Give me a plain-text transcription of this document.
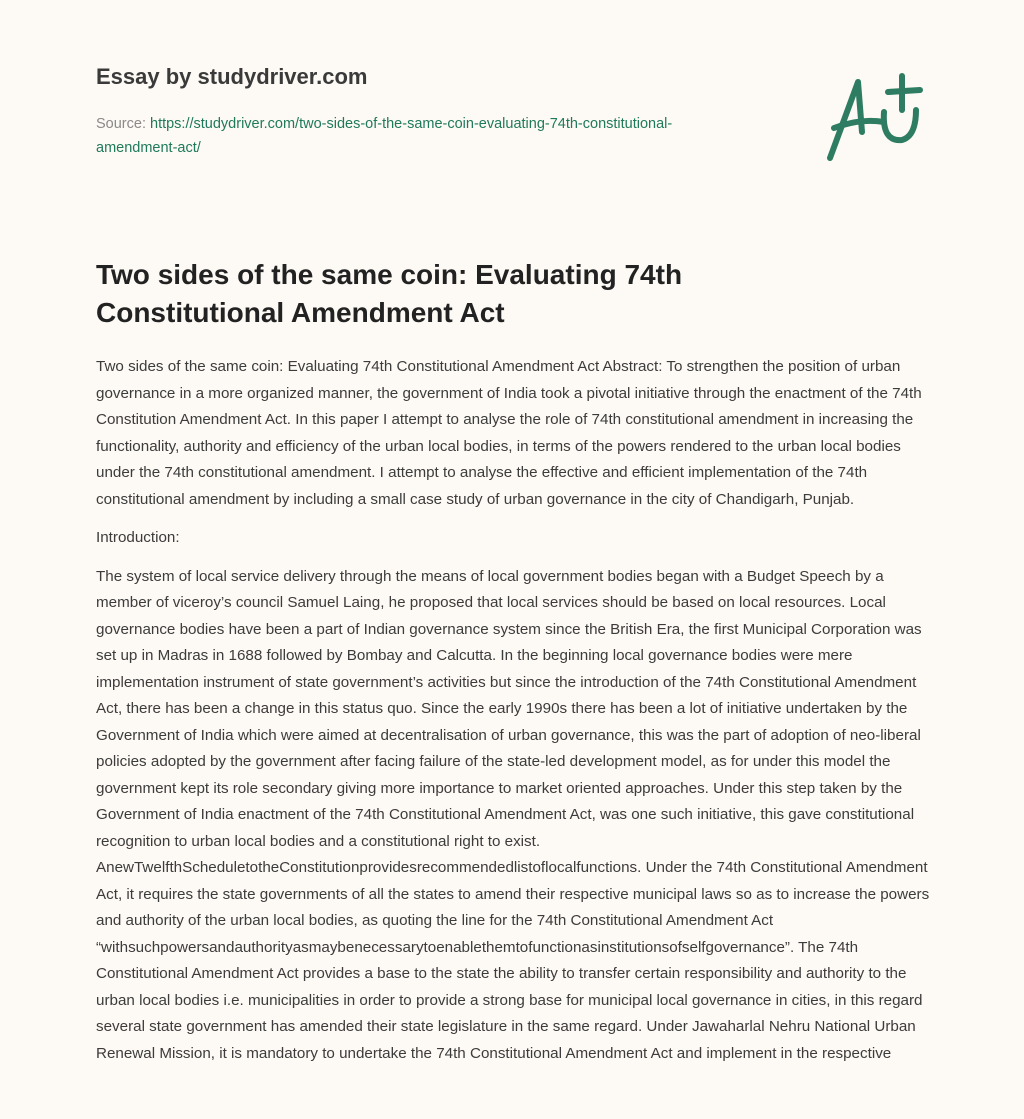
Essay by studydriver.com
Source: https://studydriver.com/two-sides-of-the-same-coin-evaluating-74th-constitutional-amendment-act/
Two sides of the same coin: Evaluating 74th Constitutional Amendment Act

Two sides of the same coin: Evaluating 74th Constitutional Amendment Act Abstract: To strengthen the position of urban governance in a more organized manner, the government of India took a pivotal initiative through the enactment of the 74th Constitution Amendment Act. In this paper I attempt to analyse the role of 74th constitutional amendment in increasing the functionality, authority and efficiency of the urban local bodies, in terms of the powers rendered to the urban local bodies under the 74th constitutional amendment. I attempt to analyse the effective and efficient implementation of the 74th constitutional amendment by including a small case study of urban governance in the city of Chandigarh, Punjab.

Introduction:

The system of local service delivery through the means of local government bodies began with a Budget Speech by a member of viceroy’s council Samuel Laing, he proposed that local services should be based on local resources. Local governance bodies have been a part of Indian governance system since the British Era, the first Municipal Corporation was set up in Madras in 1688 followed by Bombay and Calcutta. In the beginning local governance bodies were mere implementation instrument of state government’s activities but since the introduction of the 74th Constitutional Amendment Act, there has been a change in this status quo. Since the early 1990s there has been a lot of initiative undertaken by the Government of India which were aimed at decentralisation of urban governance, this was the part of adoption of neo-liberal policies adopted by the government after facing failure of the state-led development model, as for under this model the government kept its role secondary giving more importance to market oriented approaches. Under this step taken by the Government of India enactment of the 74th Constitutional Amendment Act, was one such initiative, this gave constitutional recognition to urban local bodies and a constitutional right to exist. AnewTwelfthScheduletotheConstitutionprovidesrecommendedlistoflocalfunctions. Under the 74th Constitutional Amendment Act, it requires the state governments of all the states to amend their respective municipal laws so as to increase the powers and authority of the urban local bodies, as quoting the line for the 74th Constitutional Amendment Act “withsuchpowersandauthorityasmaybenecessarytoenablethemtofunctionasinstitutionsofselfgovernance”. The 74th Constitutional Amendment Act provides a base to the state the ability to transfer certain responsibility and authority to the urban local bodies i.e. municipalities in order to provide a strong base for municipal local governance in cities, in this regard several state government has amended their state legislature in the same regard. Under Jawaharlal Nehru National Urban Renewal Mission, it is mandatory to undertake the 74th Constitutional Amendment Act and implement in the respective
